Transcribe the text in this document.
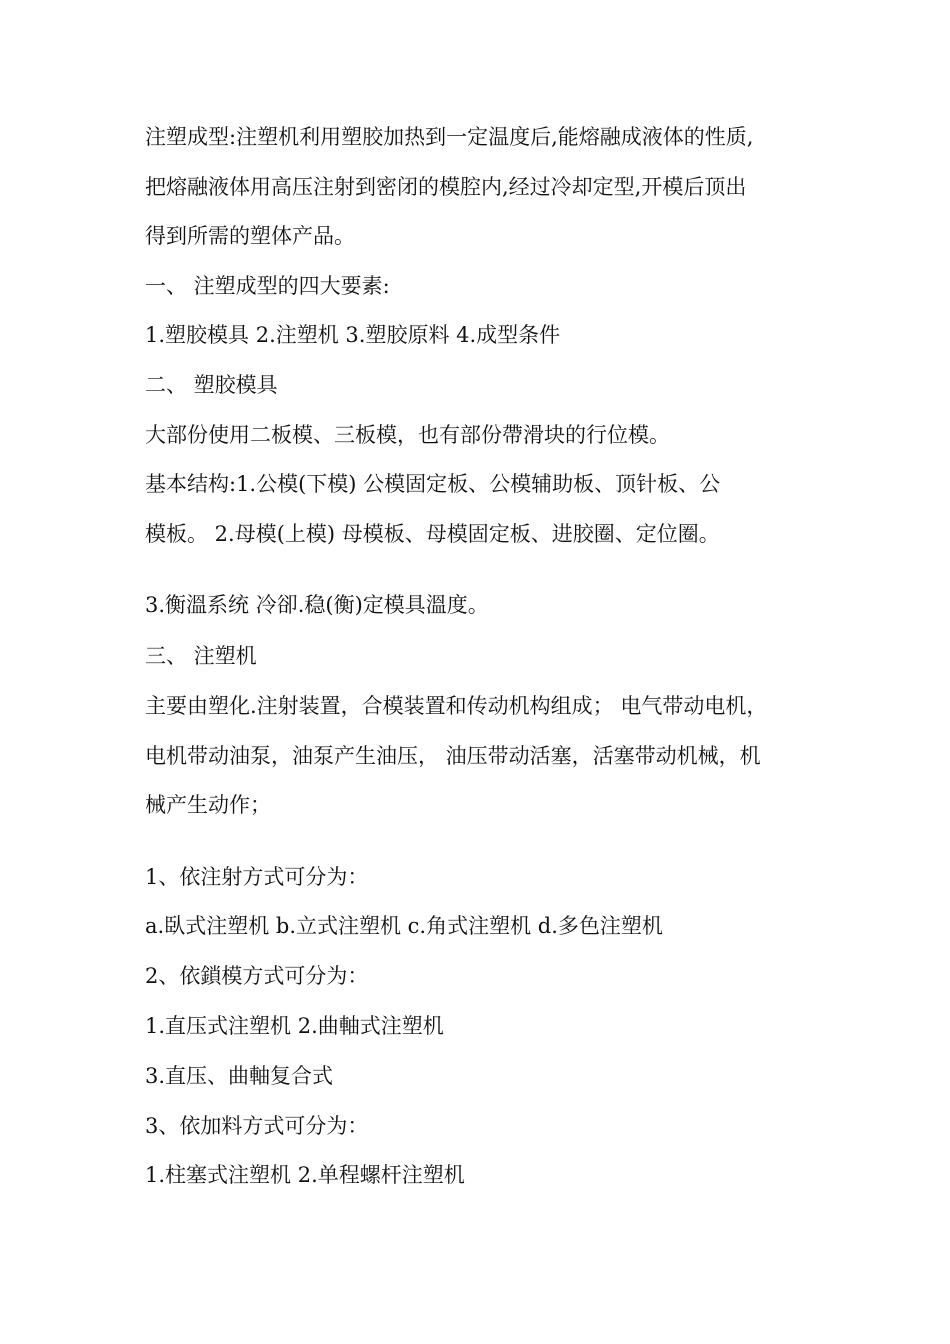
注塑成型:注塑机利用塑胶加热到一定温度后,能熔融成液体的性质,
把熔融液体用高压注射到密闭的模腔内,经过冷却定型,开模后顶出
得到所需的塑体产品。
一、 注塑成型的四大要素:
1.塑胶模具 2.注塑机 3.塑胶原料 4.成型条件
二、 塑胶模具
大部份使用二板模、三板模，也有部份帶滑块的行位模。
基本结构:1.公模(下模) 公模固定板、公模辅助板、顶针板、公
模板。 2.母模(上模) 母模板、母模固定板、进胶圈、定位圈。
3.衡溫系统 冷卻.稳(衡)定模具溫度。
三、 注塑机
主要由塑化.注射装置，合模装置和传动机构组成； 电气带动电机，
电机带动油泵，油泵产生油压， 油压带动活塞，活塞带动机械，机
械产生动作；
1、依注射方式可分为：
a.臥式注塑机 b.立式注塑机 c.角式注塑机 d.多色注塑机
2、依鎖模方式可分为：
1.直压式注塑机 2.曲軸式注塑机
3.直压、曲軸复合式
3、依加料方式可分为：
1.柱塞式注塑机 2.单程螺杆注塑机
